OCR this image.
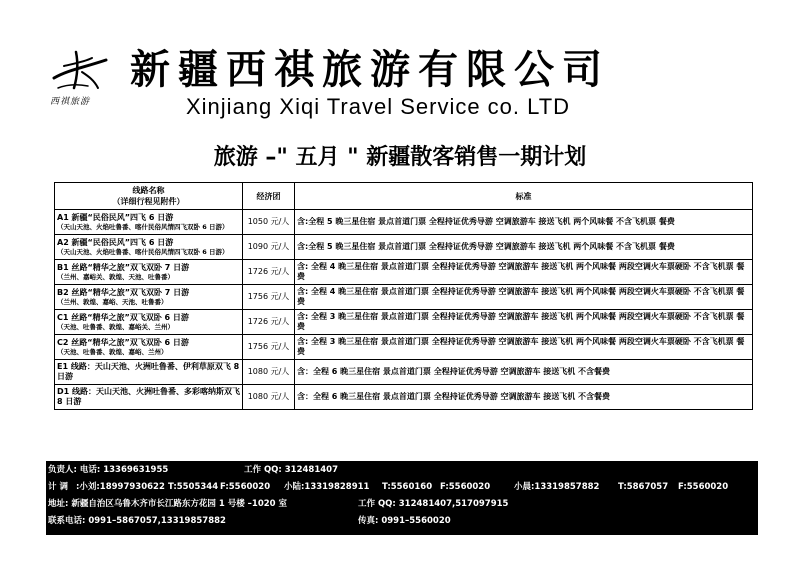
西祺旅游
新疆西祺旅游有限公司
Xinjiang Xiqi Travel Service co. LTD
旅游 –" 五月 " 新疆散客销售一期计划
线路名称
（详细行程见附件）	经济团	标准
A1 新疆“民俗民风”四飞 6 日游
（天山天池、火焰吐鲁番、喀什民俗风情四飞双卧 6 日游）	1050 元/人	含:全程 5 晚三星住宿 景点首道门票 全程持证优秀导游 空调旅游车 接送飞机 两个风味餐 不含飞机票 餐费
A2 新疆“民俗民风”四飞 6 日游
（天山天池、火焰吐鲁番、喀什民俗风情四飞双卧 6 日游）	1090 元/人	含:全程 5 晚三星住宿 景点首道门票 全程持证优秀导游 空调旅游车 接送飞机 两个风味餐 不含飞机票 餐费
B1 丝路“精华之旅”双飞双卧 7 日游
（兰州、嘉峪关、敦煌、天池、吐鲁番）	1726 元/人	含: 全程 4 晚三星住宿 景点首道门票 全程持证优秀导游 空调旅游车 接送飞机 两个风味餐 两段空调火车票硬卧 不含飞机票 餐费
B2 丝路“精华之旅”双飞双卧 7 日游
（兰州、敦煌、嘉峪、天池、吐鲁番）	1756 元/人	含: 全程 4 晚三星住宿 景点首道门票 全程持证优秀导游 空调旅游车 接送飞机 两个风味餐 两段空调火车票硬卧 不含飞机票 餐费
C1 丝路“精华之旅”双飞双卧 6 日游
（天池、吐鲁番、敦煌、嘉峪关、兰州）	1726 元/人	含: 全程 3 晚三星住宿 景点首道门票 全程持证优秀导游 空调旅游车 接送飞机 两个风味餐 两段空调火车票硬卧 不含飞机票 餐费
C2 丝路“精华之旅”双飞双卧 6 日游
（天池、吐鲁番、敦煌、嘉峪、兰州）	1756 元/人	含: 全程 3 晚三星住宿 景点首道门票 全程持证优秀导游 空调旅游车 接送飞机 两个风味餐 两段空调火车票硬卧 不含飞机票 餐费
E1 线路：天山天池、火洲吐鲁番、伊利草原双飞 8 日游	1080 元/人	含：全程 6 晚三星住宿 景点首道门票 全程持证优秀导游 空调旅游车 接送飞机 不含餐费
D1 线路：天山天池、火洲吐鲁番、多彩喀纳斯双飞 8 日游	1080 元/人	含：全程 6 晚三星住宿 景点首道门票 全程持证优秀导游 空调旅游车 接送飞机 不含餐费
负责人: 电话: 13369631955	工作 QQ: 312481407
计 调 :小刘:18997930622 T:5505344 F:5560020 小陆:13319828911 T:5560160 F:5560020	小晨:13319857882 T:5867057 F:5560020
地址: 新疆自治区乌鲁木齐市长江路东方花园 1 号楼 –1020 室	工作 QQ: 312481407,517097915
联系电话: 0991–5867057,13319857882	传真: 0991–5560020
